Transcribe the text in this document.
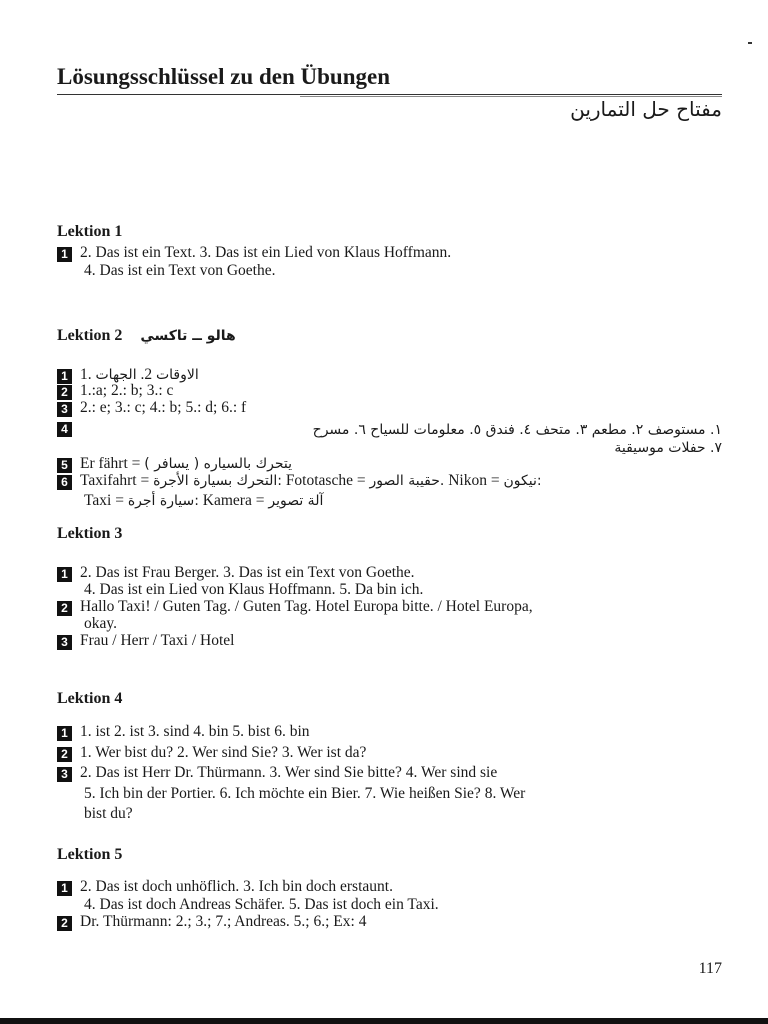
Lösungsschlüssel zu den Übungen
مفتاح حل التمارين
Lektion 1
1 2. Das ist ein Text. 3. Das ist ein Lied von Klaus Hoffmann.
4. Das ist ein Text von Goethe.
Lektion 2 هالو ــ تاكسي
1 1.	الاوقات 2. الجهات
2 1.:a; 2.: b; 3.: c
3 2.: e; 3.: c; 4.: b; 5.: d; 6.: f
4	١. مستوصف ٢. مطعم ٣. متحف ٤. فندق ٥. معلومات للسياح ٦. مسرح
٧. حفلات موسيقية
5 Er fährt = ( يسافر ) يتحرك بالسياره
6 Taxifahrt = التحرك بسيارة الأجرة: Fototasche = حقيبة الصور. Nikon = نيكون:
Taxi = سيارة أجرة: Kamera = آلة تصوير
Lektion 3
1 2. Das ist Frau Berger. 3. Das ist ein Text von Goethe.
4. Das ist ein Lied von Klaus Hoffmann. 5. Da bin ich.
2 Hallo Taxi! / Guten Tag. / Guten Tag. Hotel Europa bitte. / Hotel Europa,
okay.
3 Frau / Herr / Taxi / Hotel
Lektion 4
1 1. ist 2. ist 3. sind 4. bin 5. bist 6. bin
2 1. Wer bist du? 2. Wer sind Sie? 3. Wer ist da?
3 2. Das ist Herr Dr. Thürmann. 3. Wer sind Sie bitte? 4. Wer sind sie
5. Ich bin der Portier. 6. Ich möchte ein Bier. 7. Wie heißen Sie? 8. Wer
bist du?
Lektion 5
1 2. Das ist doch unhöflich. 3. Ich bin doch erstaunt.
4. Das ist doch Andreas Schäfer. 5. Das ist doch ein Taxi.
2 Dr. Thürmann: 2.; 3.; 7.; Andreas. 5.; 6.; Ex: 4
117
